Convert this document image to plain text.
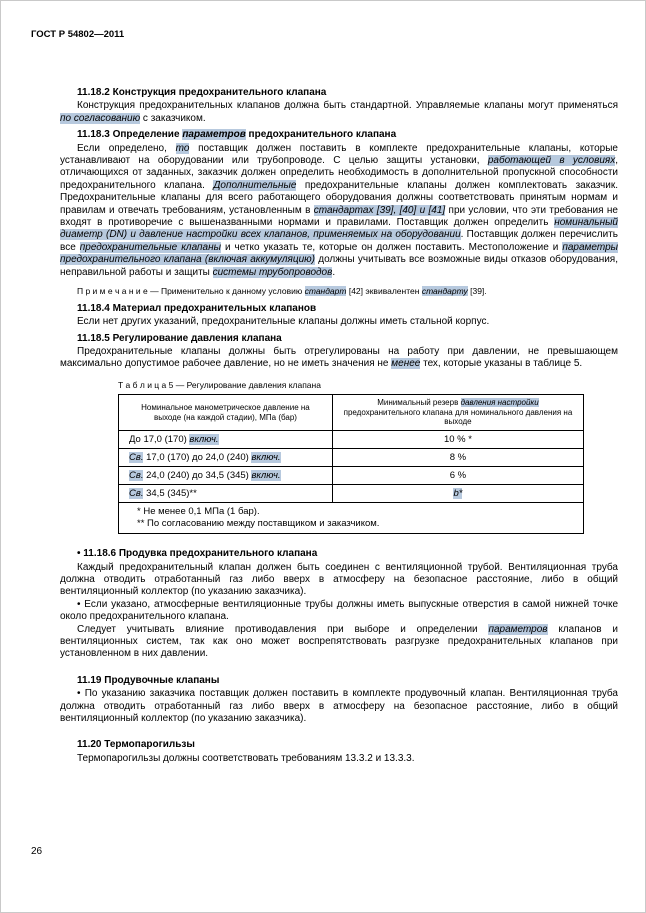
ГОСТ Р 54802—2011

11.18.2 Конструкция предохранительного клапана

Конструкция предохранительных клапанов должна быть стандартной. Управляемые клапаны могут применяться по согласованию с заказчиком.

11.18.3 Определение параметров предохранительного клапана

Если определено, то поставщик должен поставить в комплекте предохранительные клапаны, которые устанавливают на оборудовании или трубопроводе. С целью защиты установки, работающей в условиях, отличающихся от заданных, заказчик должен определить необходимость в дополнительной пропускной способности предохранительного клапана. Дополнительные предохранительные клапаны должен комплектовать заказчик. Предохранительные клапаны для всего работающего оборудования должны соответствовать принятым нормам и правилам и отвечать требованиям, установленным в стандартах [39], [40] и [41] при условии, что эти требования не входят в противоречие с вышеназванными нормами и правилами. Поставщик должен определить номинальный диаметр (DN) и давление настройки всех клапанов, применяемых на оборудовании. Поставщик должен перечислить все предохранительные клапаны и четко указать те, которые он должен поставить. Местоположение и параметры предохранительного клапана (включая аккумуляцию) должны учитывать все возможные виды отказов оборудования, неправильной работы и защиты системы трубопроводов.

П р и м е ч а н и е — Применительно к данному условию стандарт [42] эквивалентен стандарту [39].

11.18.4 Материал предохранительных клапанов

Если нет других указаний, предохранительные клапаны должны иметь стальной корпус.

11.18.5 Регулирование давления клапана

Предохранительные клапаны должны быть отрегулированы на работу при давлении, не превышающем максимально допустимое рабочее давление, но не иметь значения не менее тех, которые указаны в таблице 5.

Т а б л и ц а 5 — Регулирование давления клапана

Номинальное манометрическое давление на выходе (на каждой стадии), МПа (бар)	Минимальный резерв давления настройки предохранительного клапана для номинального давления на выходе
До 17,0 (170) включ.	10 % *
Св. 17,0 (170) до 24,0 (240) включ.	8 %
Св. 24,0 (240) до 34,5 (345) включ.	6 %
Св. 34,5 (345)**	b*

* Не менее 0,1 МПа (1 бар).
** По согласованию между поставщиком и заказчиком.	

• 11.18.6 Продувка предохранительного клапана

Каждый предохранительный клапан должен быть соединен с вентиляционной трубой. Вентиляционная труба должна отводить отработанный газ либо вверх в атмосферу на безопасное расстояние, либо в общий вентиляционный коллектор (по указанию заказчика).

• Если указано, атмосферные вентиляционные трубы должны иметь выпускные отверстия в самой нижней точке около предохранительного клапана.

Следует учитывать влияние противодавления при выборе и определении параметров клапанов и вентиляционных систем, так как оно может воспрепятствовать разгрузке предохранительных клапанов при установленном в них давлении.

11.19 Продувочные клапаны

• По указанию заказчика поставщик должен поставить в комплекте продувочный клапан. Вентиляционная труба должна отводить отработанный газ либо вверх в атмосферу на безопасное расстояние, либо в общий вентиляционный коллектор (по указанию заказчика).

11.20 Термопарогильзы

Термопарогильзы должны соответствовать требованиям 13.3.2 и 13.3.3.

26
